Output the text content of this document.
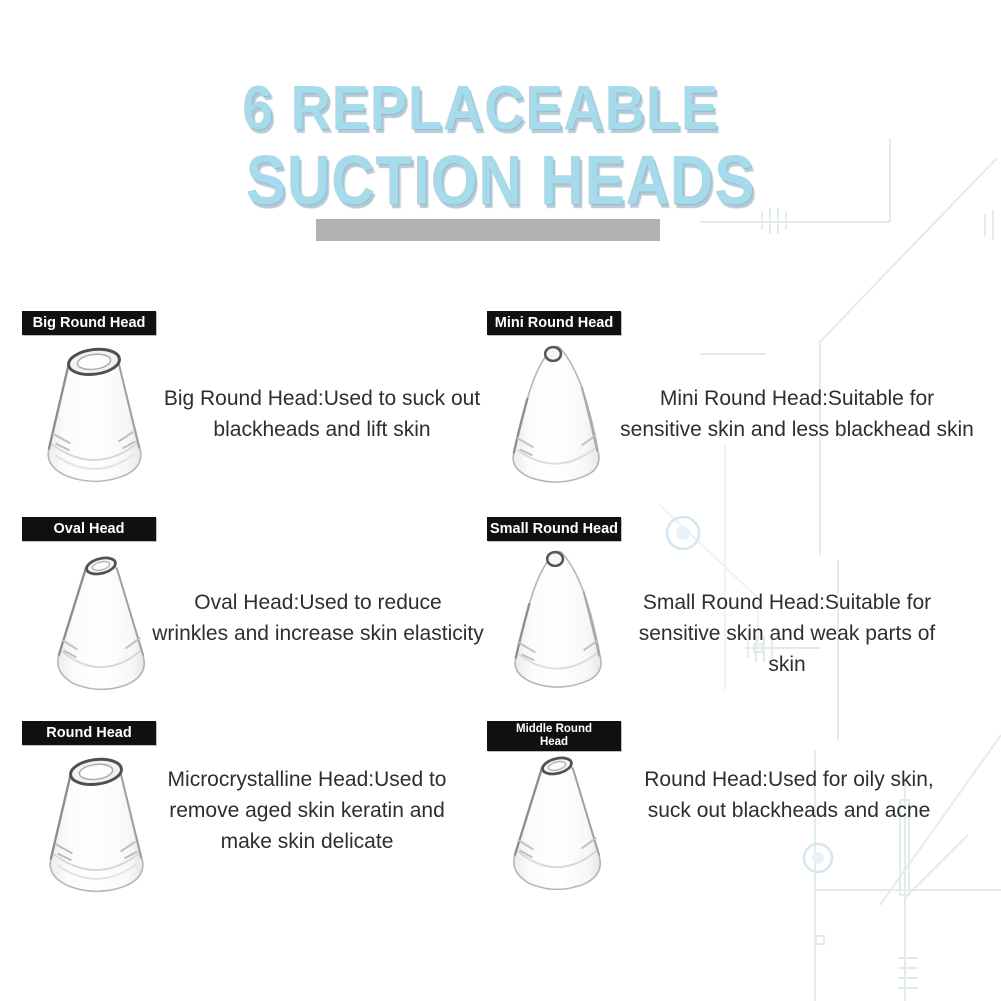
6 REPLACEABLE
SUCTION HEADS
Big Round Head
Big Round Head:Used to suck out
blackheads and lift skin
Mini Round Head
Mini Round Head:Suitable for
sensitive skin and less blackhead skin
Oval Head
Oval Head:Used to reduce
wrinkles and increase skin elasticity
Small Round Head
Small Round Head:Suitable for
sensitive skin and weak parts of
skin
Round Head
Microcrystalline Head:Used to
remove aged skin keratin and
make skin delicate
Middle Round Head
Round Head:Used for oily skin,
suck out blackheads and acne
